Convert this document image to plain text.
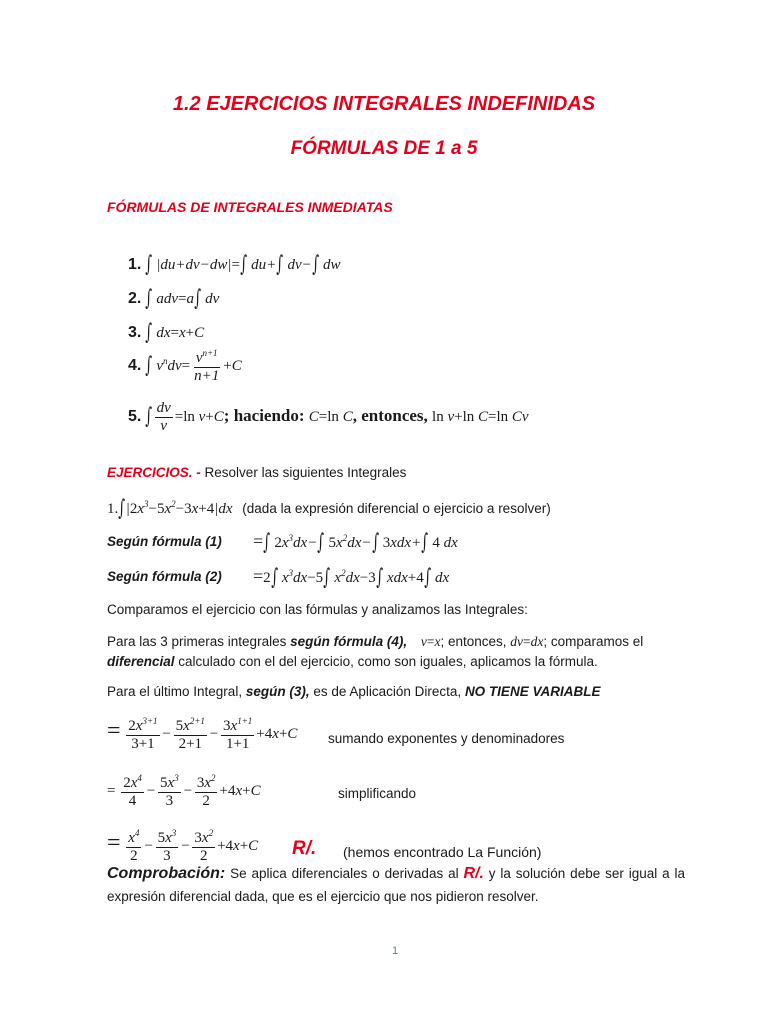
1.2 EJERCICIOS INTEGRALES INDEFINIDAS
FÓRMULAS DE 1 a 5
FÓRMULAS DE INTEGRALES INMEDIATAS
1. ∫ |du+dv−dw|=∫ du+∫ dv−∫ dw
2. ∫ adv=a∫ dv
3. ∫ dx=x+C
4. ∫ $v^ndv= \frac{v^{n+1}}{n+1} +C$
5. ∫ $\frac{dv}{v} =\ln$ v+C; haciendo: C=ln C, entonces, ln v+ln C=ln Cv
EJERCICIOS. - Resolver las siguientes Integrales
$1.\int|2x^3-5x^2-3x+4|dx$ (dada la expresión diferencial o ejercicio a resolver)
Según fórmula (1) =∫ $2x^3dx-\int$ $5x^2dx-\int$ 3xdx+∫ 4 dx
Según fórmula (2) =2∫ $x^3dx-5\int$ $x^2dx-3\int$ xdx+4∫ dx
Comparamos el ejercicio con las fórmulas y analizamos las Integrales:
Para las 3 primeras integrales según fórmula (4), v=x; entonces, dv=dx; comparamos el
diferencial calculado con el del ejercicio, como son iguales, aplicamos la fórmula.
Para el último Integral, según (3), es de Aplicación Directa, NO TIENE VARIABLE
= $\frac{2x^{3+1}}{3+1} - \frac{5x^{2+1}}{2+1} - \frac{3x^{1+1}}{1+1} +4x+C$ sumando exponentes y denominadores
= $\frac{2x^4}{4} - \frac{5x^3}{3} - \frac{3x^2}{2} +4x+C$	simplificando
= $\frac{x^4}{2} - \frac{5x^3}{3} - \frac{3x^2}{2} +4x+C$ R/. (hemos encontrado La Función)
Comprobación: Se aplica diferenciales o derivadas al R/. y la solución debe ser igual a la expresión diferencial dada, que es el ejercicio que nos pidieron resolver.
1
